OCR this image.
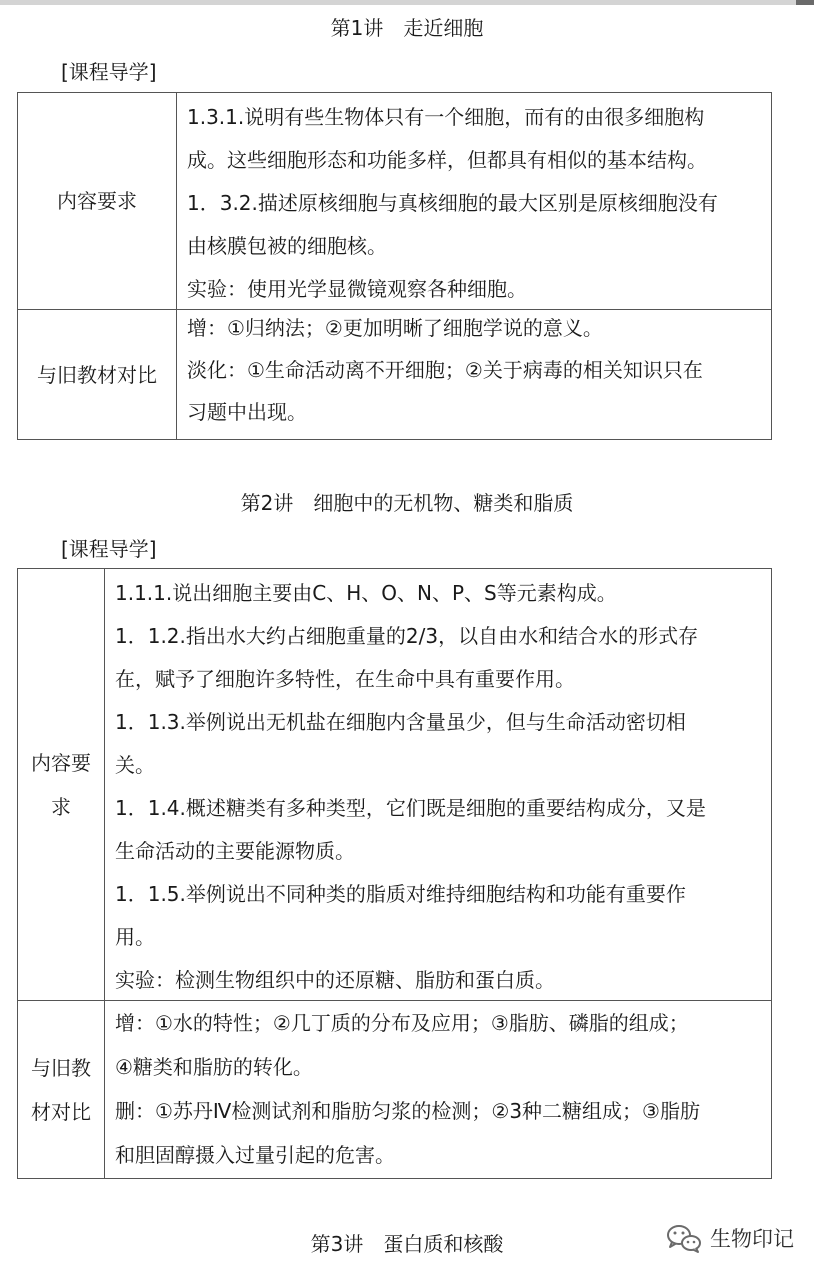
第1讲　走近细胞
[课程导学]
内容要求
1.3.1.说明有些生物体只有一个细胞，而有的由很多细胞构
成。这些细胞形态和功能多样，但都具有相似的基本结构。
1．3.2.描述原核细胞与真核细胞的最大区别是原核细胞没有
由核膜包被的细胞核。
实验：使用光学显微镜观察各种细胞。
与旧教材对比
增：①归纳法；②更加明晰了细胞学说的意义。
淡化：①生命活动离不开细胞；②关于病毒的相关知识只在
习题中出现。
第2讲　细胞中的无机物、糖类和脂质
[课程导学]
内容要求
1.1.1.说出细胞主要由C、H、O、N、P、S等元素构成。
1．1.2.指出水大约占细胞重量的2/3，以自由水和结合水的形式存
在，赋予了细胞许多特性，在生命中具有重要作用。
1．1.3.举例说出无机盐在细胞内含量虽少，但与生命活动密切相
关。
1．1.4.概述糖类有多种类型，它们既是细胞的重要结构成分，又是
生命活动的主要能源物质。
1．1.5.举例说出不同种类的脂质对维持细胞结构和功能有重要作
用。
实验：检测生物组织中的还原糖、脂肪和蛋白质。
与旧教材对比
增：①水的特性；②几丁质的分布及应用；③脂肪、磷脂的组成；
④糖类和脂肪的转化。
删：①苏丹Ⅳ检测试剂和脂肪匀浆的检测；②3种二糖组成；③脂肪
和胆固醇摄入过量引起的危害。
第3讲　蛋白质和核酸	生物印记
